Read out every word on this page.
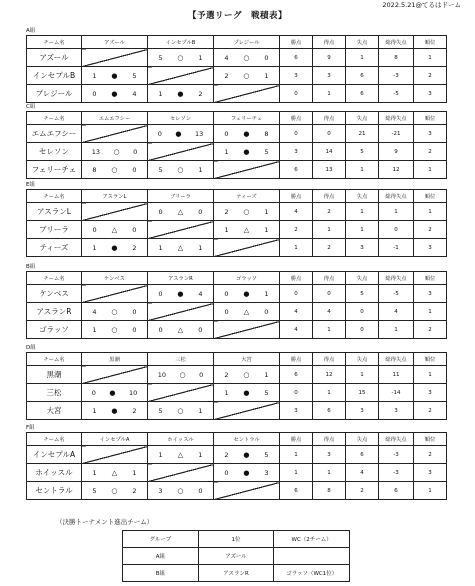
2022.5.21@てるはドーム
【予選リーグ　戦積表】
A組
チーム名	アズール	インセプルB	プレジール	勝点	得点	失点	総得失点	順位
アズール		5 ○ 1	4 ○ 0	6	9	1	8	1
インセプルB	1 ● 5		2 ○ 1	3	3	6	-3	2
プレジール	0 ● 4	1 ● 2		0	1	6	-5	3
C組
チーム名	エムエフシー	セレソン	フェリーチェ	勝点	得点	失点	総得失点	順位
エムエフシー		0 ● 13	0 ● 8	0	0	21	-21	3
セレソン	13 ○ 0		1 ● 5	3	14	5	9	2
フェリーチェ	8 ○ 0	5 ○ 1		6	13	1	12	1
E組
チーム名	アスランL	ブリーラ	ティーズ	勝点	得点	失点	総得失点	順位
アスランL		0 △ 0	2 ○ 1	4	2	1	1	1
ブリーラ	0 △ 0		1 △ 1	2	1	1	0	2
ティーズ	1 ● 2	1 △ 1		1	2	3	-1	3
B組
チーム名	ケンベス	アスランR	ゴラッソ	勝点	得点	失点	総得失点	順位
ケンベス		0 ● 4	0 ● 1	0	0	5	-5	3
アスランR	4 ○ 0		0 △ 0	4	4	0	4	1
ゴラッソ	1 ○ 0	0 △ 0		4	1	0	1	2
D組
チーム名	黒潮	三松	大宮	勝点	得点	失点	総得失点	順位
黒潮		10 ○ 0	2 ○ 1	6	12	1	11	1
三松	0 ● 10		1 ● 5	0	1	15	-14	3
大宮	1 ● 2	5 ○ 1		3	6	3	3	2
F組
チーム名	インセプルA	ホイッスル	セントラル	勝点	得点	失点	総得失点	順位
インセプルA		1 △ 1	2 ● 5	1	3	6	-3	2
ホイッスル	1 △ 1		0 ● 3	1	1	4	-3	3
セントラル	5 ○ 2	3 ○ 0		6	8	2	6	1
（決勝トーナメント進出チーム）
グループ	1位	WC（2チーム）
A組	アズール	
B組	アスランR	ゴラッソ（WC1位）
